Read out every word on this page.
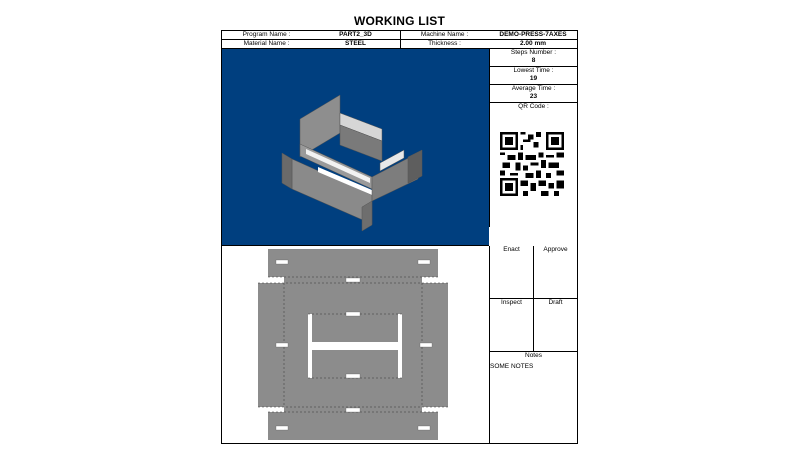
WORKING LIST
Program Name :	PART2_3D	Machine Name :	DEMO-PRESS-7AXES
Material Name :	STEEL	Thickness :	2.00 mm
Steps Number :
8
Lowest Time :
19
Average Time :
23
QR Code :
Enact	Approve
Inspect	Draft
Notes
SOME NOTES
